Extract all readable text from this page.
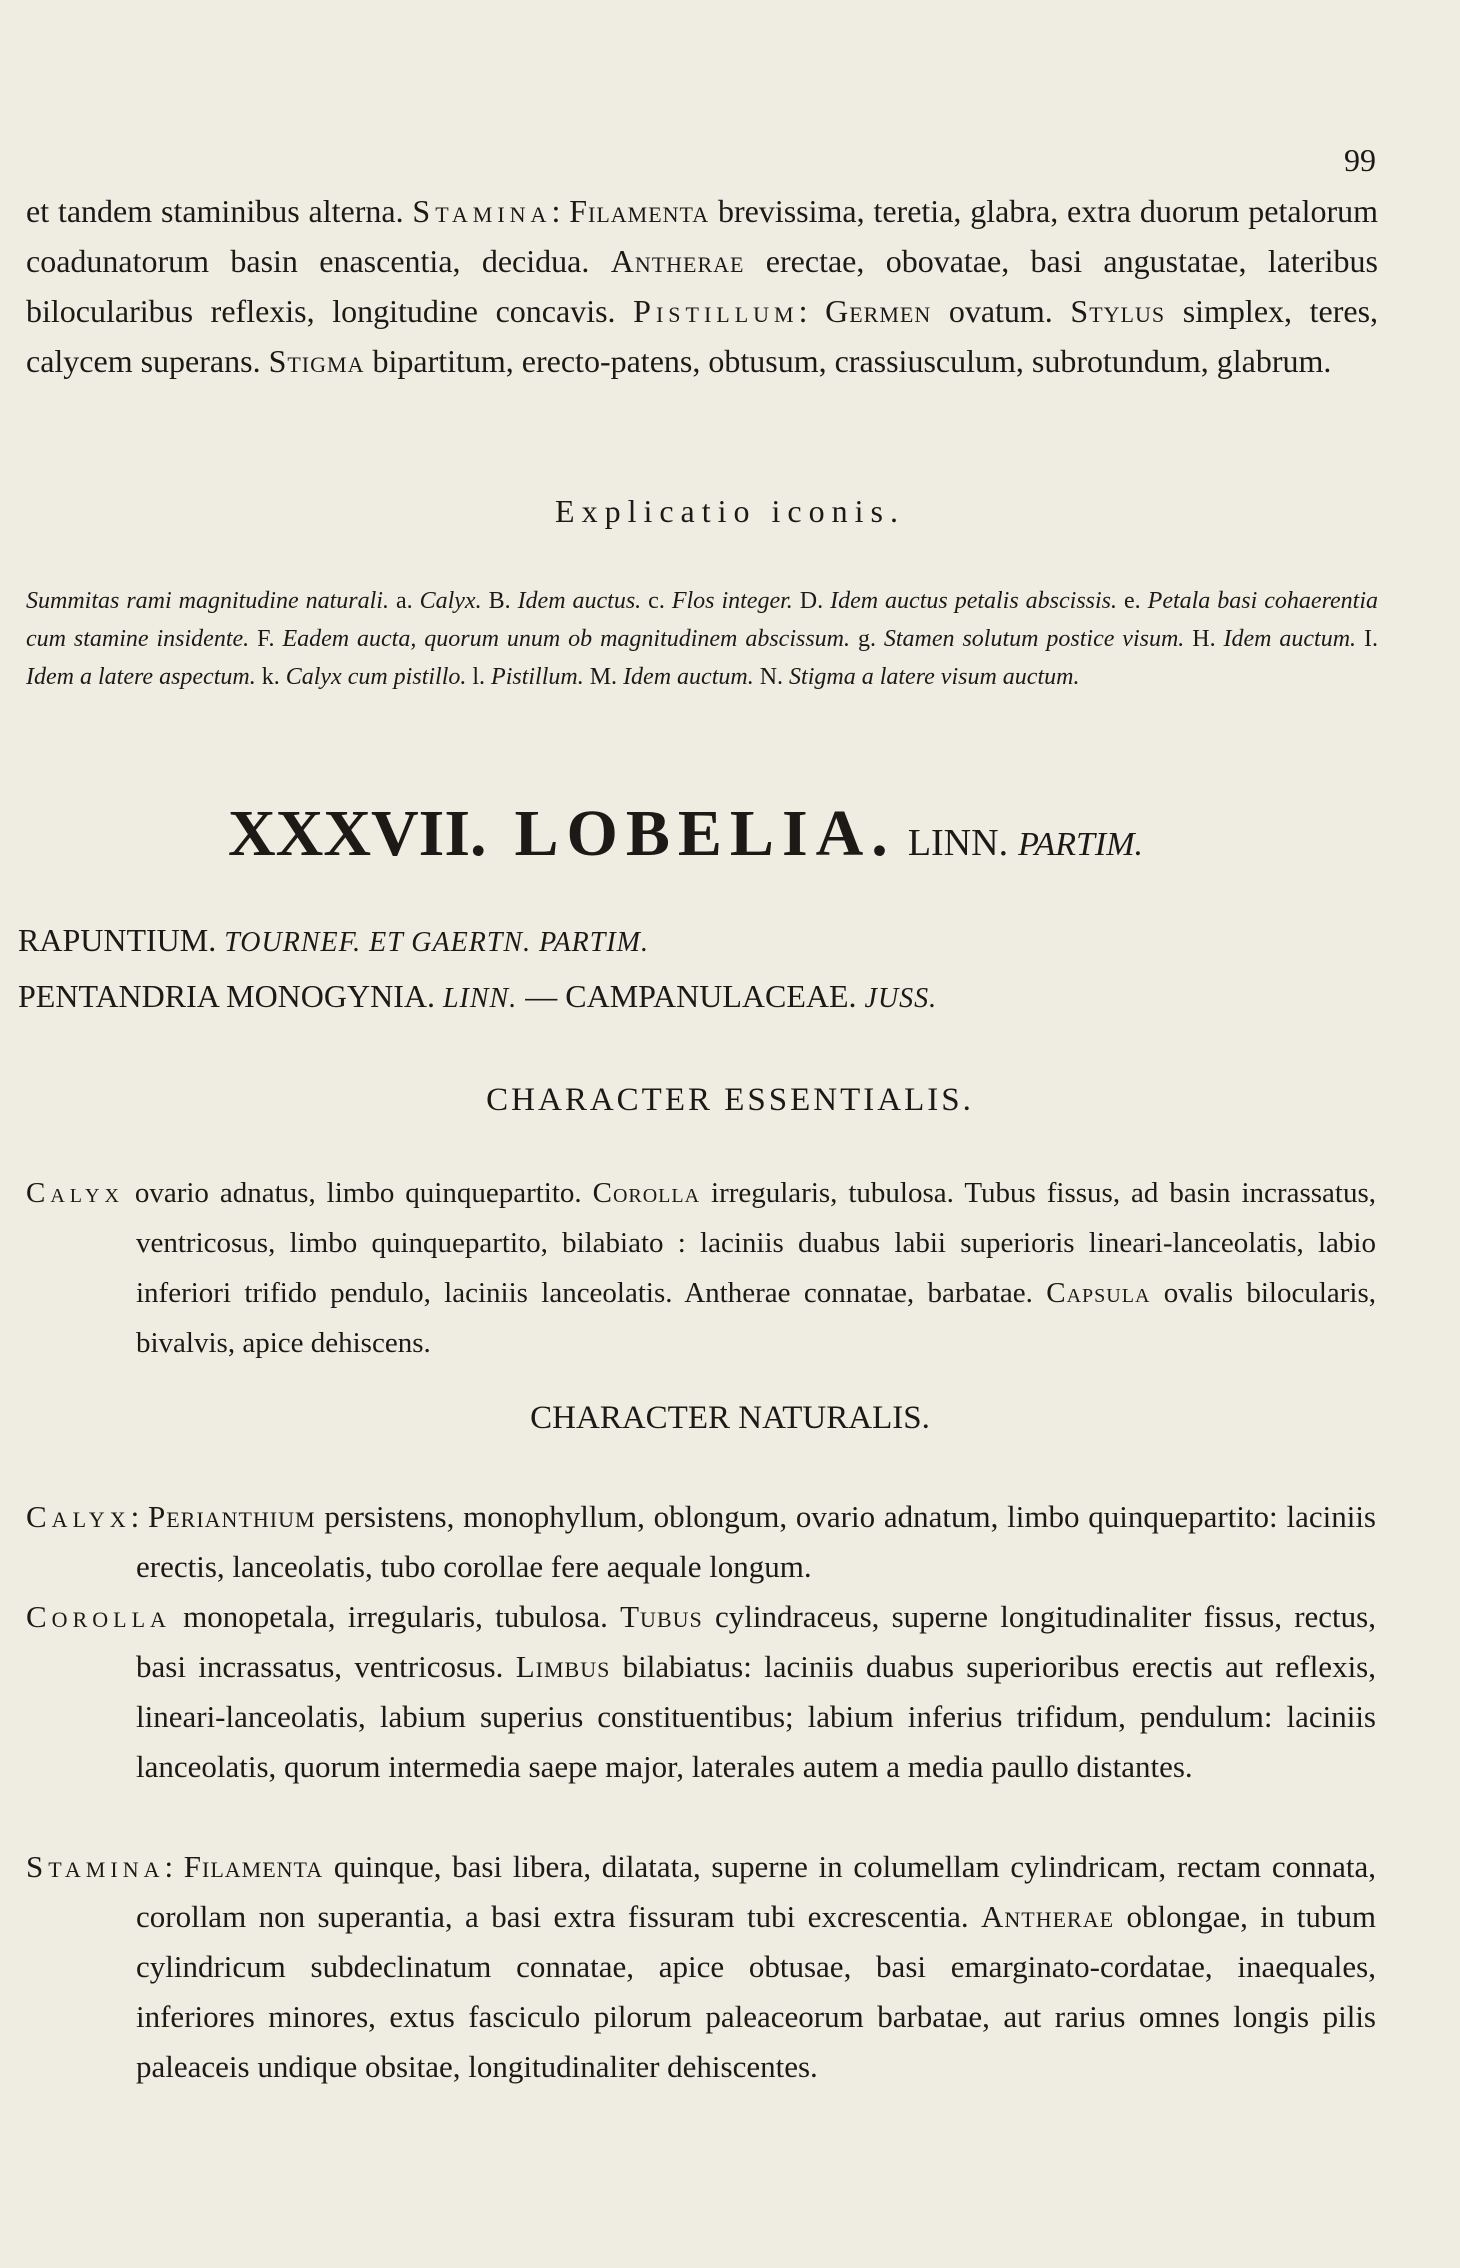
99

et tandem staminibus alterna. Stamina: Filamenta brevissima, teretia, glabra, extra duorum petalorum coadunatorum basin enascentia, decidua. Antherae erectae, obovatae, basi angustatae, lateribus bilocularibus reflexis, longitudine concavis. Pistillum: Germen ovatum. Stylus simplex, teres, calycem superans. Stigma bipartitum, erecto-patens, obtusum, crassiusculum, subrotundum, glabrum.

Explicatio iconis.

Summitas rami magnitudine naturali. a. Calyx. B. Idem auctus. c. Flos integer. D. Idem auctus petalis abscissis. e. Petala basi cohaerentia cum stamine insidente. F. Eadem aucta, quorum unum ob magnitudinem abscissum. g. Stamen solutum postice visum. H. Idem auctum. I. Idem a latere aspectum. k. Calyx cum pistillo. l. Pistillum. M. Idem auctum. N. Stigma a latere visum auctum.

XXXVII. LOBELIA. LINN. PARTIM.

RAPUNTIUM. TOURNEF. ET GAERTN. PARTIM.

PENTANDRIA MONOGYNIA. LINN. — CAMPANULACEAE. JUSS.

CHARACTER ESSENTIALIS.

Calyx ovario adnatus, limbo quinquepartito. Corolla irregularis, tubulosa. Tubus fissus, ad basin incrassatus, ventricosus, limbo quinquepartito, bilabiato : laciniis duabus labii superioris lineari-lanceolatis, labio inferiori trifido pendulo, laciniis lanceolatis. Antherae connatae, barbatae. Capsula ovalis bilocularis, bivalvis, apice dehiscens.

CHARACTER NATURALIS.

Calyx: Perianthium persistens, monophyllum, oblongum, ovario adnatum, limbo quinquepartito: laciniis erectis, lanceolatis, tubo corollae fere aequale longum.

Corolla monopetala, irregularis, tubulosa. Tubus cylindraceus, superne longitudinaliter fissus, rectus, basi incrassatus, ventricosus. Limbus bilabiatus: laciniis duabus superioribus erectis aut reflexis, lineari-lanceolatis, labium superius constituentibus; labium inferius trifidum, pendulum: laciniis lanceolatis, quorum intermedia saepe major, laterales autem a media paullo distantes.

Stamina: Filamenta quinque, basi libera, dilatata, superne in columellam cylindricam, rectam connata, corollam non superantia, a basi extra fissuram tubi excrescentia. Antherae oblongae, in tubum cylindricum subdeclinatum connatae, apice obtusae, basi emarginato-cordatae, inaequales, inferiores minores, extus fasciculo pilorum paleaceorum barbatae, aut rarius omnes longis pilis paleaceis undique obsitae, longitudinaliter dehiscentes.
